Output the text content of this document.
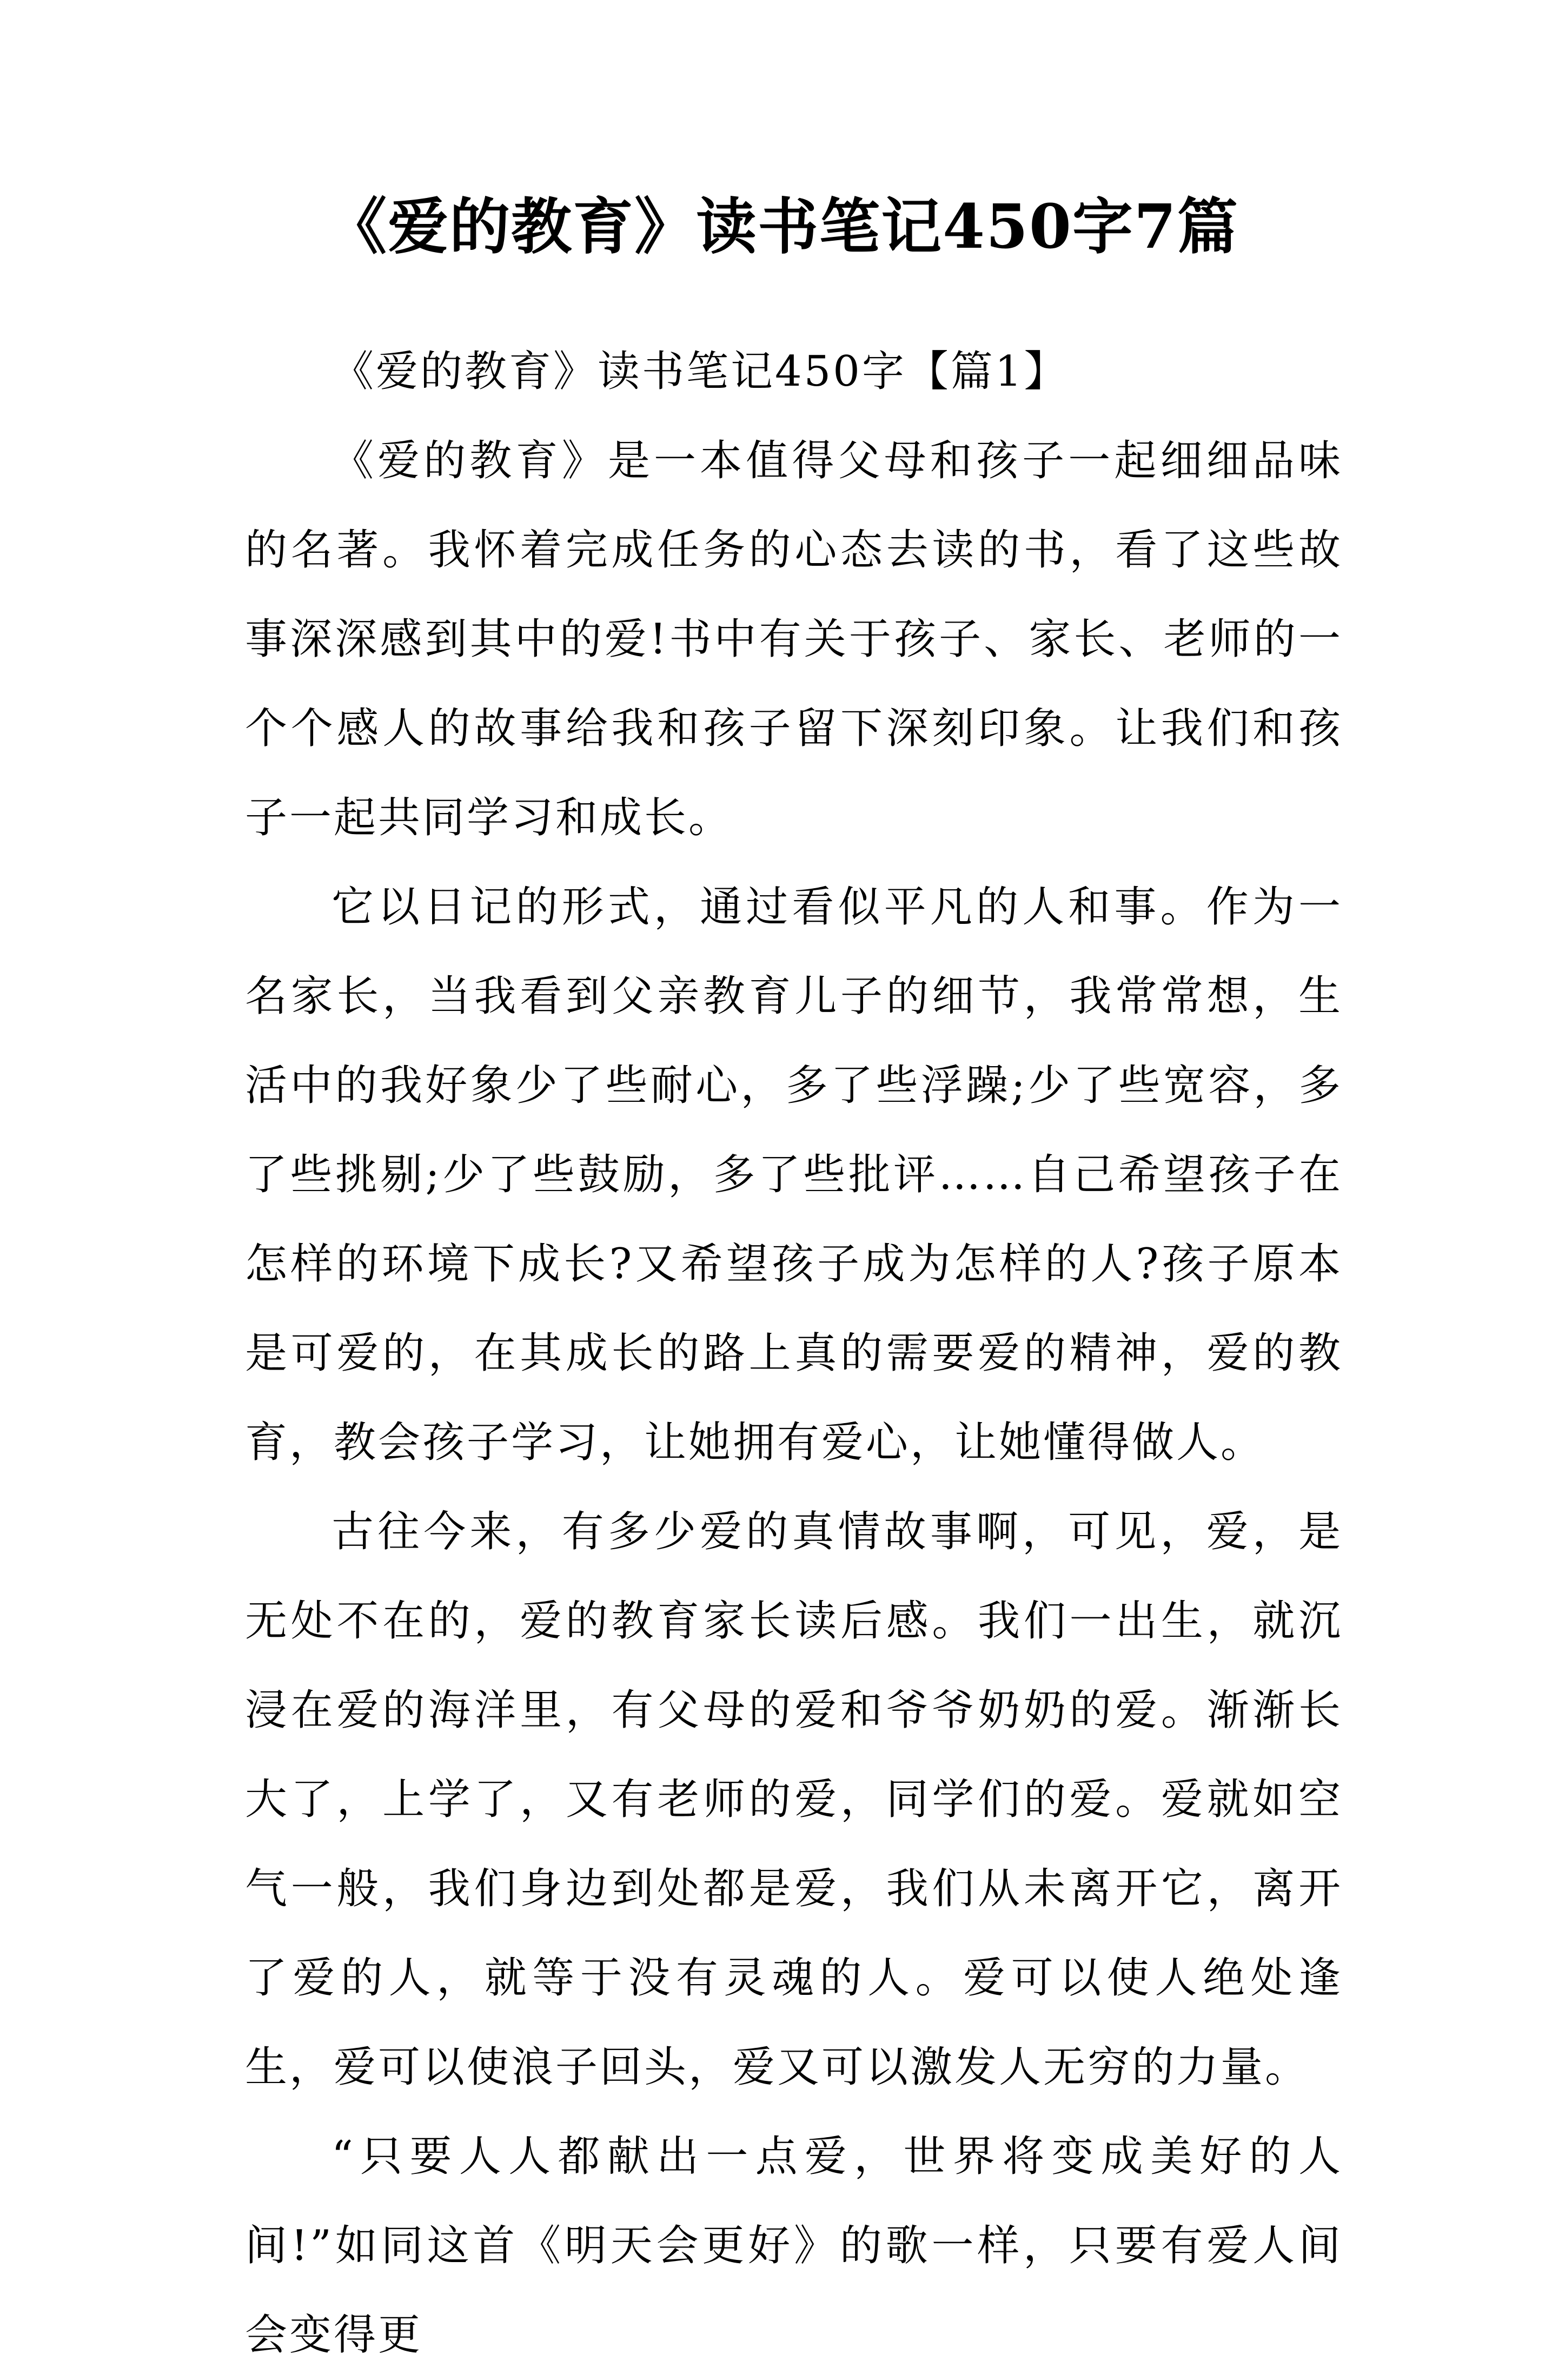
《爱的教育》读书笔记450字7篇

《爱的教育》读书笔记450字【篇1】

《爱的教育》是一本值得父母和孩子一起细细品味的名著。我怀着完成任务的心态去读的书，看了这些故事深深感到其中的爱!书中有关于孩子、家长、老师的一个个感人的故事给我和孩子留下深刻印象。让我们和孩子一起共同学习和成长。

它以日记的形式，通过看似平凡的人和事。作为一名家长，当我看到父亲教育儿子的细节，我常常想，生活中的我好象少了些耐心，多了些浮躁;少了些宽容，多了些挑剔;少了些鼓励，多了些批评……自己希望孩子在怎样的环境下成长?又希望孩子成为怎样的人?孩子原本是可爱的，在其成长的路上真的需要爱的精神，爱的教育，教会孩子学习，让她拥有爱心，让她懂得做人。

古往今来，有多少爱的真情故事啊，可见，爱，是无处不在的，爱的教育家长读后感。我们一出生，就沉浸在爱的海洋里，有父母的爱和爷爷奶奶的爱。渐渐长大了，上学了，又有老师的爱，同学们的爱。爱就如空气一般，我们身边到处都是爱，我们从未离开它，离开了爱的人，就等于没有灵魂的人。爱可以使人绝处逢生，爱可以使浪子回头，爱又可以激发人无穷的力量。

“只要人人都献出一点爱，世界将变成美好的人间!”如同这首《明天会更好》的歌一样，只要有爱人间会变得更
